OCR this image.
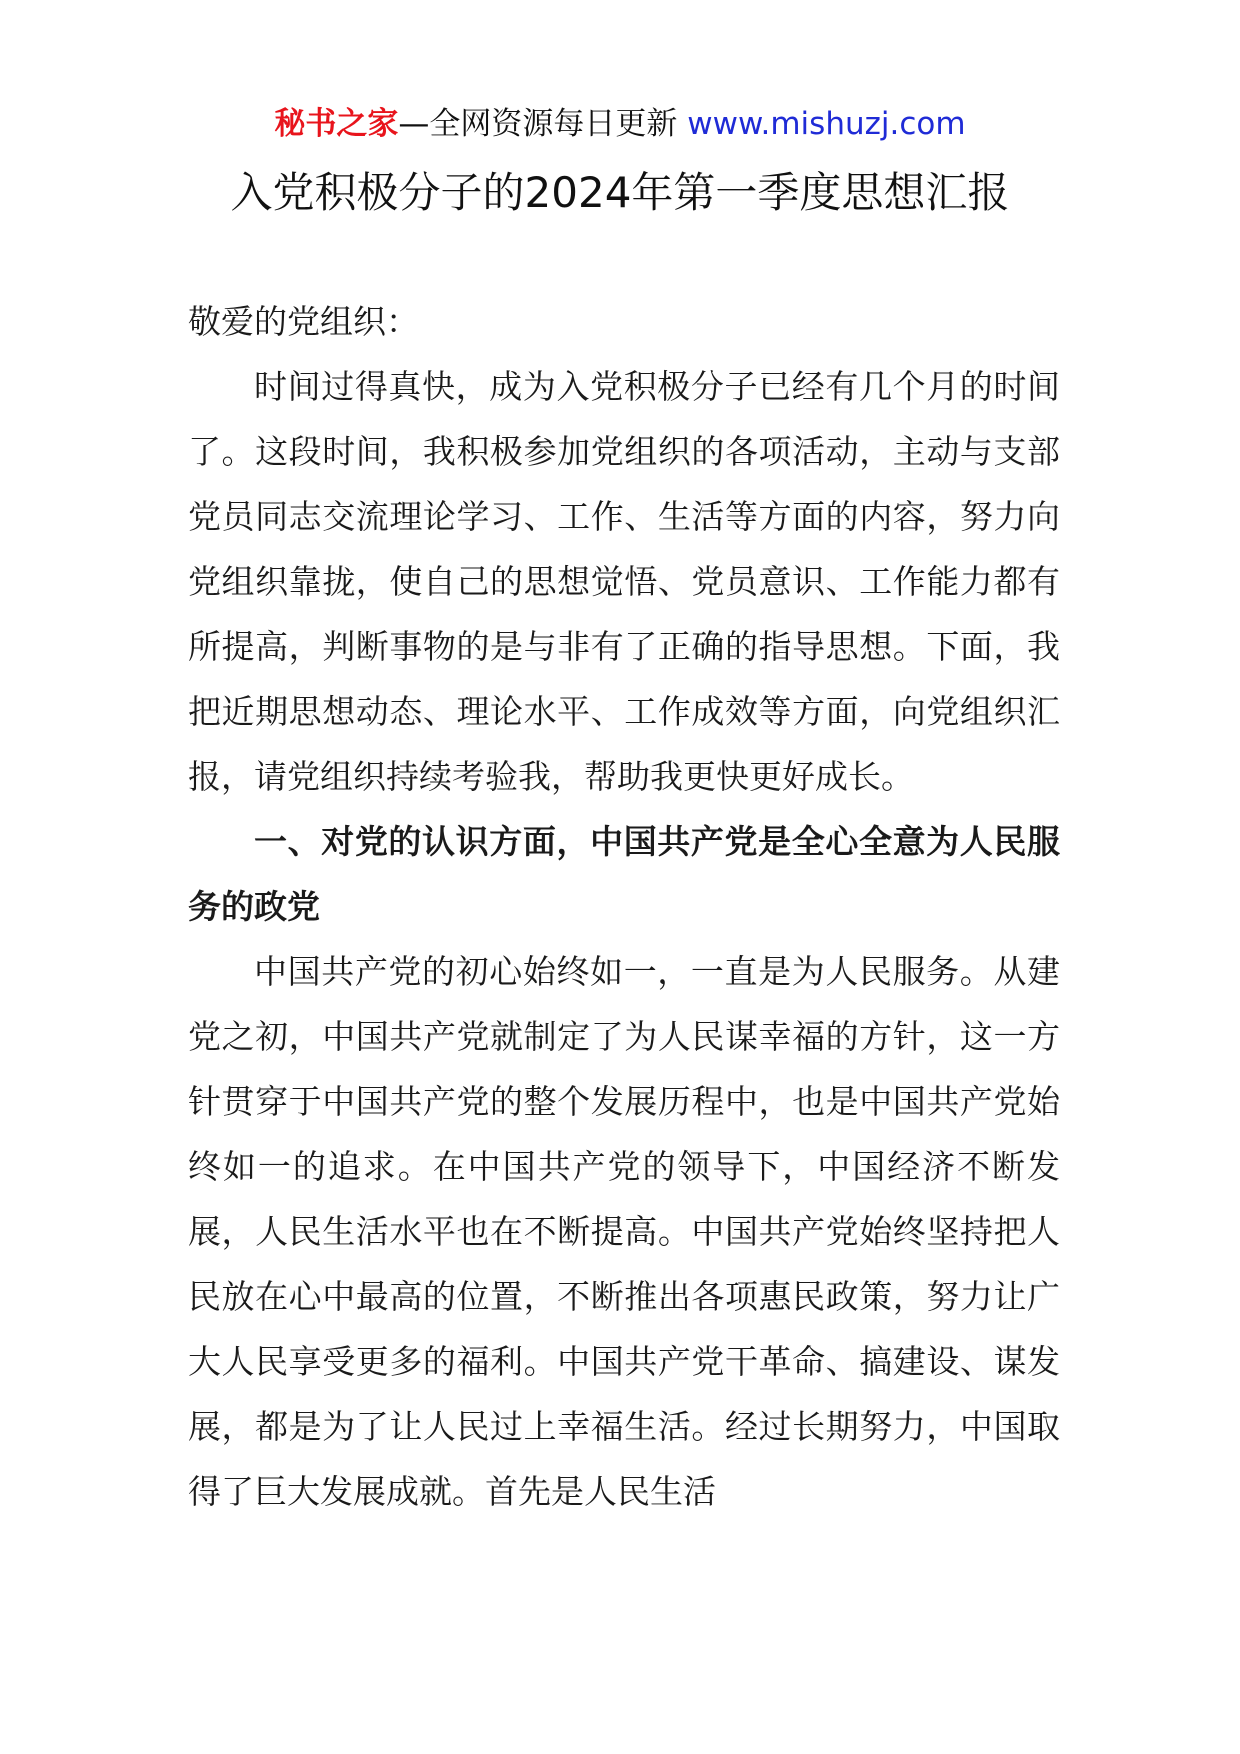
秘书之家—全网资源每日更新 www.mishuzj.com
入党积极分子的2024年第一季度思想汇报

敬爱的党组织：

时间过得真快，成为入党积极分子已经有几个月的时间了。这段时间，我积极参加党组织的各项活动，主动与支部党员同志交流理论学习、工作、生活等方面的内容，努力向党组织靠拢，使自己的思想觉悟、党员意识、工作能力都有所提高，判断事物的是与非有了正确的指导思想。下面，我把近期思想动态、理论水平、工作成效等方面，向党组织汇报，请党组织持续考验我，帮助我更快更好成长。

一、对党的认识方面，中国共产党是全心全意为人民服务的政党

中国共产党的初心始终如一，一直是为人民服务。从建党之初，中国共产党就制定了为人民谋幸福的方针，这一方针贯穿于中国共产党的整个发展历程中，也是中国共产党始终如一的追求。在中国共产党的领导下，中国经济不断发展，人民生活水平也在不断提高。中国共产党始终坚持把人民放在心中最高的位置，不断推出各项惠民政策，努力让广大人民享受更多的福利。中国共产党干革命、搞建设、谋发展，都是为了让人民过上幸福生活。经过长期努力，中国取得了巨大发展成就。首先是人民生活
